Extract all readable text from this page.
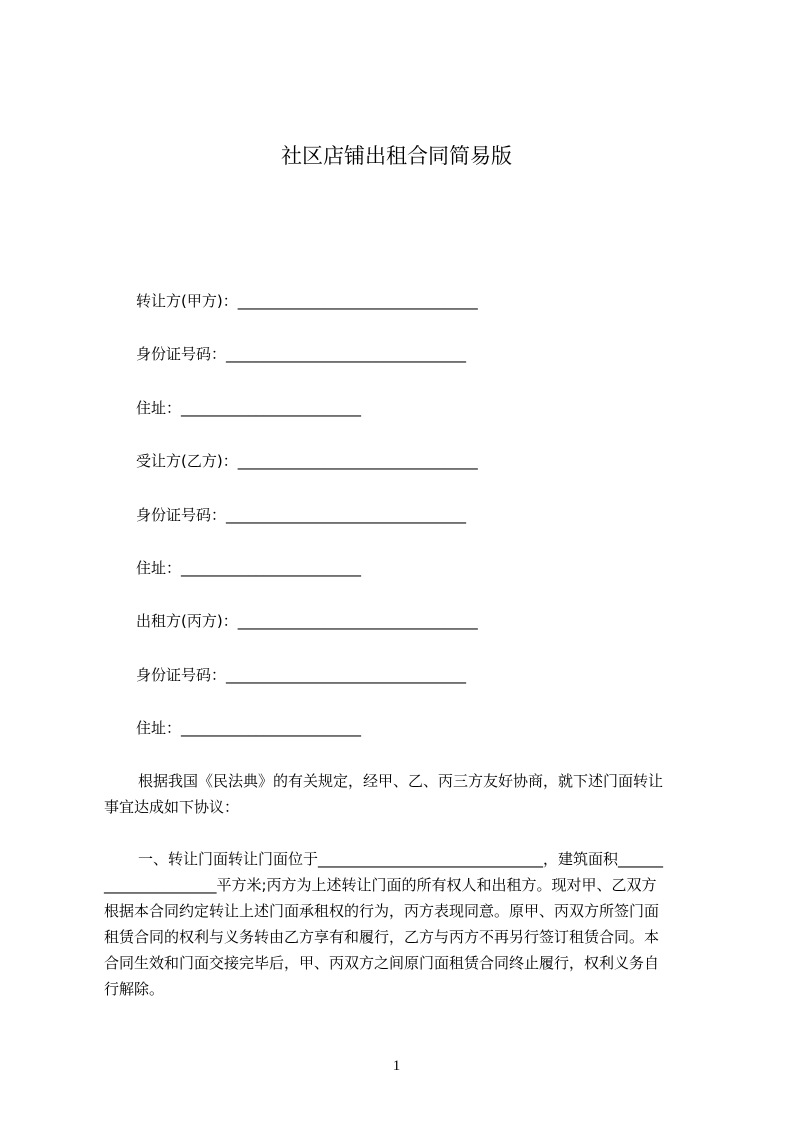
社区店铺出租合同简易版
转让方(甲方)：________________________________
身份证号码：________________________________
住址：________________________
受让方(乙方)：________________________________
身份证号码：________________________________
住址：________________________
出租方(丙方)：________________________________
身份证号码：________________________________
住址：________________________
根据我国《民法典》的有关规定，经甲、乙、丙三方友好协商，就下述门面转让
事宜达成如下协议：
一、转让门面转让门面位于______________________________，建筑面积______
_______________平方米;丙方为上述转让门面的所有权人和出租方。现对甲、乙双方
根据本合同约定转让上述门面承租权的行为，丙方表现同意。原甲、丙双方所签门面
租赁合同的权利与义务转由乙方享有和履行，乙方与丙方不再另行签订租赁合同。本
合同生效和门面交接完毕后，甲、丙双方之间原门面租赁合同终止履行，权利义务自
行解除。
1
